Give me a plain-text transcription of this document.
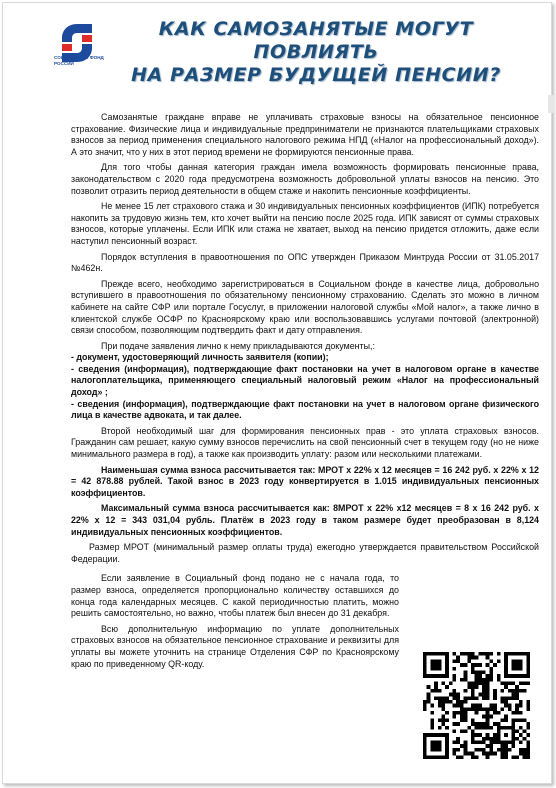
СОЦИАЛЬНЫЙ ФОНД РОССИИ
КАК САМОЗАНЯТЫЕ МОГУТ
ПОВЛИЯТЬ
НА РАЗМЕР БУДУЩЕЙ ПЕНСИИ?

Самозанятые граждане вправе не уплачивать страховые взносы на обязательное пенсионное страхование. Физические лица и индивидуальные предприниматели не признаются плательщиками страховых взносов за период применения специального налогового режима НПД («Налог на профессиональный доход»). А это значит, что у них в этот период времени не формируются пенсионные права.

Для того чтобы данная категория граждан имела возможность формировать пенсионные права, законодательством с 2020 года предусмотрена возможность добровольной уплаты взносов на пенсию. Это позволит отразить период деятельности в общем стаже и накопить пенсионные коэффициенты.

Не менее 15 лет страхового стажа и 30 индивидуальных пенсионных коэффициентов (ИПК) потребуется накопить за трудовую жизнь тем, кто хочет выйти на пенсию после 2025 года. ИПК зависят от суммы страховых взносов, которые уплачены. Если ИПК или стажа не хватает, выход на пенсию придется отложить, даже если наступил пенсионный возраст.

Порядок вступления в правоотношения по ОПС утвержден Приказом Минтруда России от 31.05.2017 №462н.

Прежде всего, необходимо зарегистрироваться в Социальном фонде в качестве лица, добровольно вступившего в правоотношения по обязательному пенсионному страхованию. Сделать это можно в личном кабинете на сайте СФР или портале Госуслуг, в приложении налоговой службы «Мой налог», а также лично в клиентской службе ОСФР по Красноярскому краю или воспользовавшись услугами почтовой (электронной) связи способом, позволяющим подтвердить факт и дату отправления.

При подаче заявления лично к нему прикладываются документы,:

- документ, удостоверяющий личность заявителя (копии);

- сведения (информация), подтверждающие факт постановки на учет в налоговом органе в качестве налогоплательщика, применяющего специальный налоговый режим «Налог на профессиональный доход» ;

- сведения (информация), подтверждающие факт постановки на учет в налоговом органе физического лица в качестве адвоката, и так далее.

Второй необходимый шаг для формирования пенсионных прав - это уплата страховых взносов. Гражданин сам решает, какую сумму взносов перечислить на свой пенсионный счет в текущем году (но не ниже минимального размера в год), а также как производить уплату: разом или несколькими платежами.

Наименьшая сумма взноса рассчитывается так: МРОТ х 22% х 12 месяцев = 16 242 руб. х 22% х 12 = 42 878.88 рублей. Такой взнос в 2023 году конвертируется в 1.015 индивидуальных пенсионных коэффициентов.

Максимальный сумма взноса рассчитывается как: 8МРОТ х 22% х12 месяцев = 8 х 16 242 руб. х 22% х 12 = 343 031,04 рубль. Платёж в 2023 году в таком размере будет преобразован в 8,124 индивидуальных пенсионных коэффициентов.

Размер МРОТ (минимальный размер оплаты труда) ежегодно утверждается правительством Российской Федерации.

Если заявление в Социальный фонд подано не с начала года, то размер взноса, определяется пропорционально количеству оставшихся до конца года календарных месяцев. С какой периодичностью платить, можно решить самостоятельно, но важно, чтобы платеж был внесен до 31 декабря.

Всю дополнительную информацию по уплате дополнительных страховых взносов на обязательное пенсионное страхование и реквизиты для уплаты вы можете уточнить на странице Отделения СФР по Красноярскому краю по приведенному QR-коду.
